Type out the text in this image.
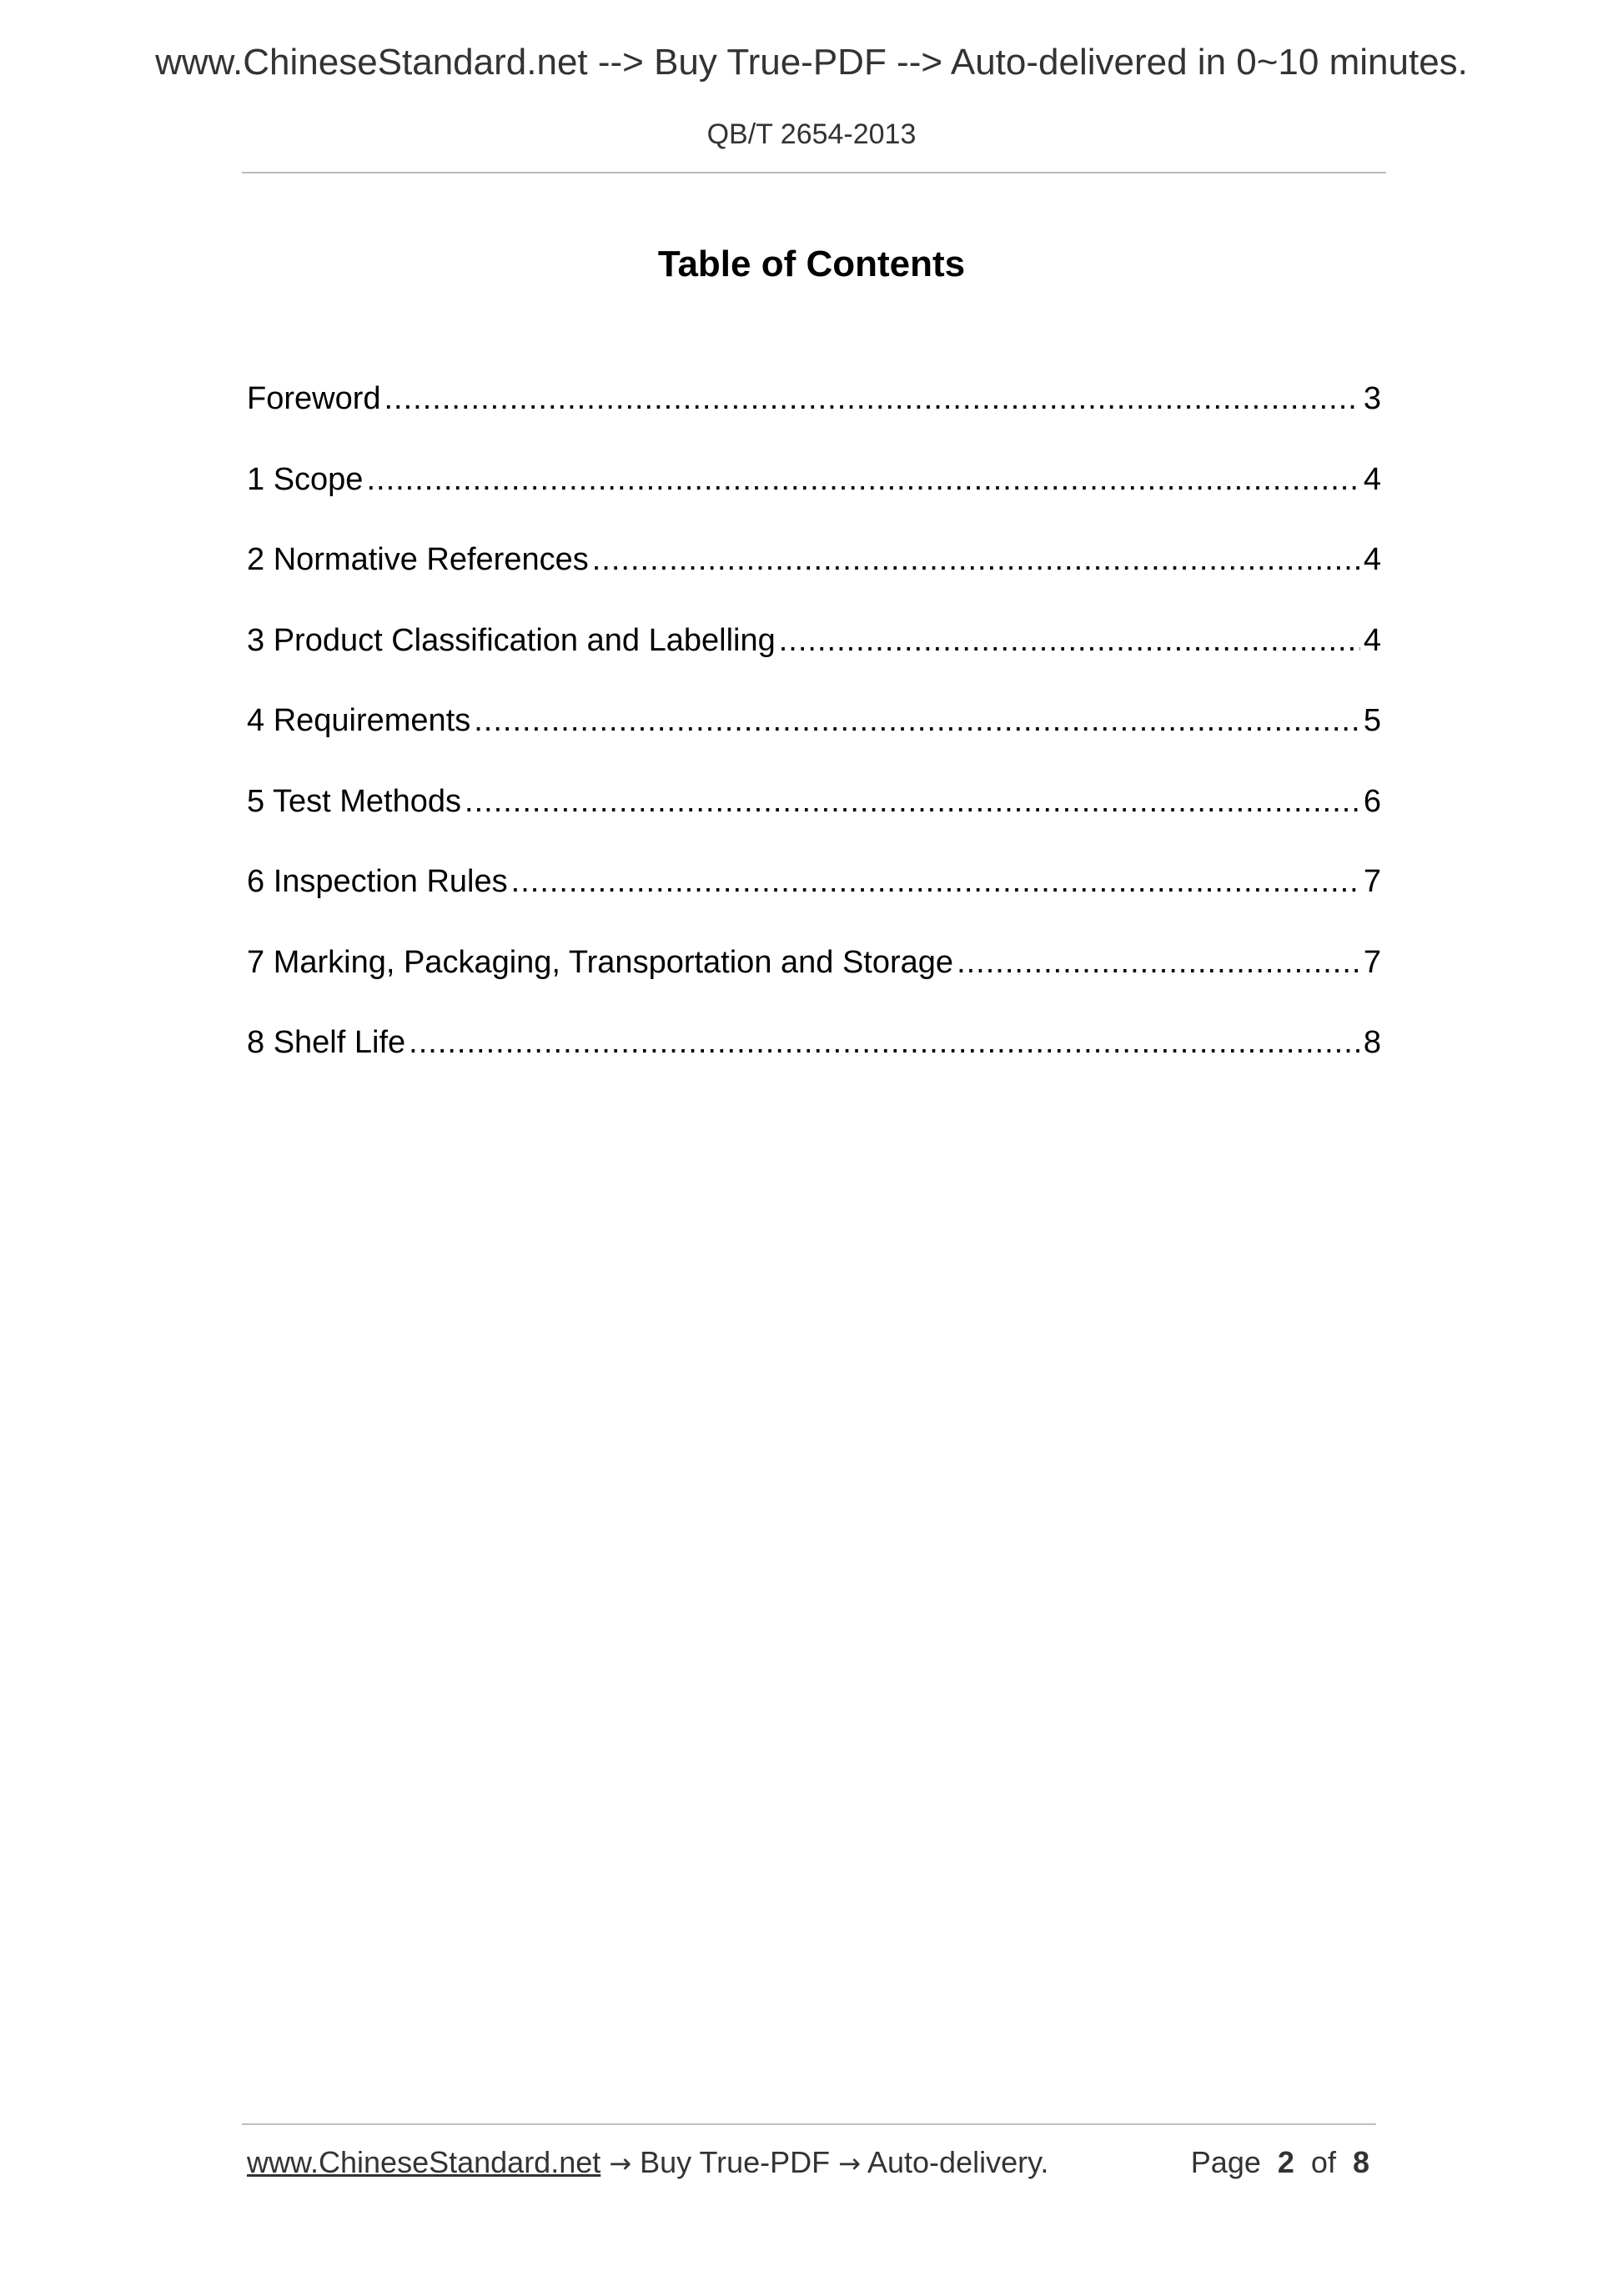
www.ChineseStandard.net --> Buy True-PDF --> Auto-delivered in 0~10 minutes.
QB/T 2654-2013
Table of Contents
Foreword .....	3
1 Scope .....	4
2 Normative References .....	4
3 Product Classification and Labelling .....	4
4 Requirements .....	5
5 Test Methods .....	6
6 Inspection Rules .....	7
7 Marking, Packaging, Transportation and Storage .....	7
8 Shelf Life .....	8
www.ChineseStandard.net → Buy True-PDF → Auto-delivery.	Page 2 of 8
